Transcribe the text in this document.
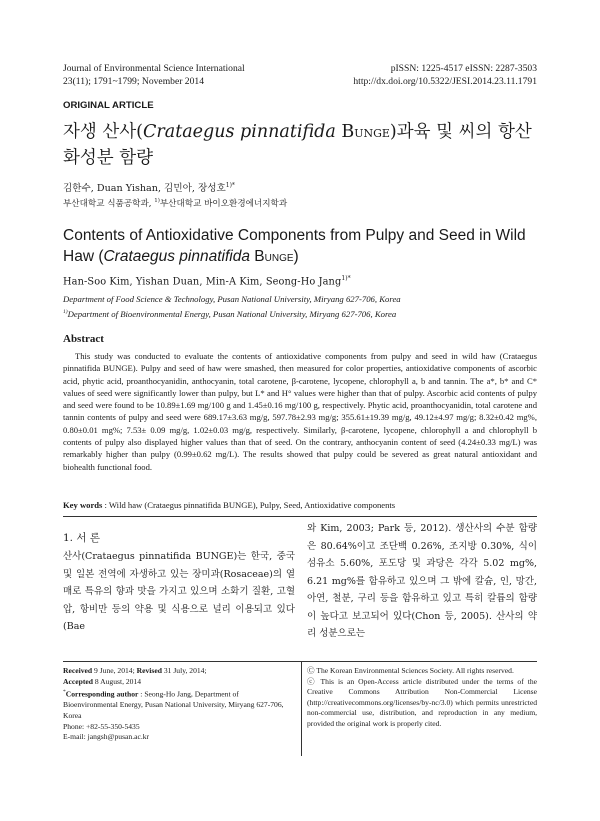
Journal of Environmental Science International
23(11); 1791~1799; November 2014
pISSN: 1225-4517 eISSN: 2287-3503
http://dx.doi.org/10.5322/JESI.2014.23.11.1791
ORIGINAL ARTICLE
자생 산사(Crataegus pinnatifida BUNGE)과육 및 씨의 항산화성분 함량
김한수, Duan Yishan, 김민아, 장성호$^{1)*}$
부산대학교 식품공학과, $^{1)}$부산대학교 바이오환경에너지학과
Contents of Antioxidative Components from Pulpy and Seed in Wild Haw (Crataegus pinnatifida BUNGE)
Han-Soo Kim, Yishan Duan, Min-A Kim, Seong-Ho Jang$^{1)*}$
Department of Food Science & Technology, Pusan National University, Miryang 627-706, Korea
$^{1)}$Department of Bioenvironmental Energy, Pusan National University, Miryang 627-706, Korea
Abstract
This study was conducted to evaluate the contents of antioxidative components from pulpy and seed in wild haw (Crataegus pinnatifida BUNGE). Pulpy and seed of haw were smashed, then measured for color properties, antioxidative components of ascorbic acid, phytic acid, proanthocyanidin, anthocyanin, total carotene, β-carotene, lycopene, chlorophyll a, b and tannin. The a*, b* and C* values of seed were significantly lower than pulpy, but L* and H° values were higher than that of pulpy. Ascorbic acid contents of pulpy and seed were found to be 10.89±1.69 mg/100 g and 1.45±0.16 mg/100 g, respectively. Phytic acid, proanthocyanidin, total carotene and tannin contents of pulpy and seed were 689.17±3.63 mg/g, 597.78±2.93 mg/g; 355.61±19.39 mg/g, 49.12±4.97 mg/g; 8.32±0.42 mg%, 0.80±0.01 mg%; 7.53± 0.09 mg/g, 1.02±0.03 mg/g, respectively. Similarly, β-carotene, lycopene, chlorophyll a and chlorophyll b contents of pulpy also displayed higher values than that of seed. On the contrary, anthocyanin content of seed (4.24±0.33 mg/L) was remarkably higher than pulpy (0.99±0.62 mg/L). The results showed that pulpy could be severed as great natural antioxidant and biohealth functional food.
Key words : Wild haw (Crataegus pinnatifida BUNGE), Pulpy, Seed, Antioxidative components
1. 서 론
산사(Crataegus pinnatifida BUNGE)는 한국, 중국 및 일본 전역에 자생하고 있는 장미과(Rosaceae)의 열매로 특유의 향과 맛을 가지고 있으며 소화기 질환, 고혈압, 항비만 등의 약용 및 식용으로 널리 이용되고 있다(Bae
와 Kim, 2003; Park 등, 2012). 생산사의 수분 함량은 80.64%이고 조단백 0.26%, 조지방 0.30%, 식이섬유소 5.60%, 포도당 및 과당은 각각 5.02 mg%, 6.21 mg%를 함유하고 있으며 그 밖에 칼슘, 인, 망간, 아연, 철분, 구리 등을 함유하고 있고 특히 칼륨의 함량이 높다고 보고되어 있다(Chon 등, 2005). 산사의 약리 성분으로는
Received 9 June, 2014; Revised 31 July, 2014;
Accepted 8 August, 2014
*Corresponding author : Seong-Ho Jang, Department of Bioenvironmental Energy, Pusan National University, Miryang 627-706, Korea
Phone: +82-55-350-5435
E-mail: jangsh@pusan.ac.kr
Ⓒ The Korean Environmental Sciences Society. All rights reserved.
ⓒ This is an Open-Access article distributed under the terms of the Creative Commons Attribution Non-Commercial License (http://creativecommons.org/licenses/by-nc/3.0) which permits unrestricted non-commercial use, distribution, and reproduction in any medium, provided the original work is properly cited.
